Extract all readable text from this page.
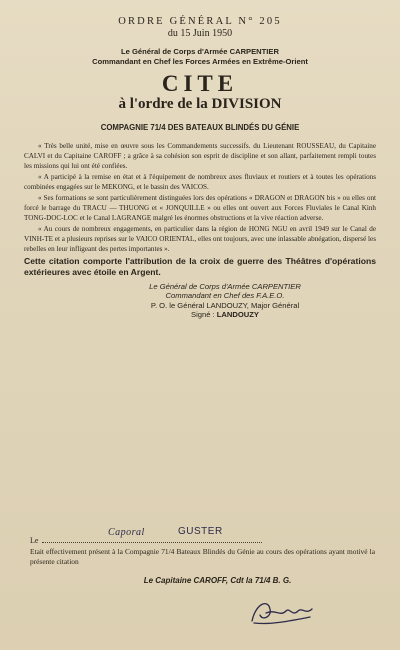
ORDRE GÉNÉRAL N° 205
du 15 Juin 1950
Le Général de Corps d'Armée CARPENTIER
Commandant en Chef les Forces Armées en Extrême-Orient
CITE
à l'ordre de la DIVISION
COMPAGNIE 71/4 DES BATEAUX BLINDÉS DU GÉNIE

« Très belle unité, mise en œuvre sous les Commandements successifs. du Lieutenant ROUSSEAU, du Capitaine CALVI et du Capitaine CAROFF ; a grâce à sa cohésion son esprit de discipline et son allant, parfaitement rempli toutes les missions qui lui ont été confiées.

« A participé à la remise en état et à l'équipement de nombreux axes fluviaux et routiers et à toutes les opérations combinées engagées sur le MEKONG, et le bassin des VAICOS.

« Ses formations se sont particulièrement distinguées lors des opérations « DRAGON et DRAGON bis » ou elles ont forcé le barrage du TRACU — THUONG et « JONQUILLE » ou elles ont ouvert aux Forces Fluviales le Canal Kinh TONG-DOC-LOC et le Canal LAGRANGE malgré les énormes obstructions et la vive réaction adverse.

« Au cours de nombreux engagements, en particulier dans la région de HONG NGU en avril 1949 sur le Canal de VINH-TE et a plusieurs reprises sur le VAICO ORIENTAL, elles ont toujours, avec une inlassable abnégation, dispersé les rebelles en leur infligeant des pertes importantes ».

Cette citation comporte l'attribution de la croix de guerre des Théâtres d'opérations extérieures avec étoile en Argent.
Le Général de Corps d'Armée CARPENTIER
Commandant en Chef des F.A.E.O.
P. O. le Général LANDOUZY, Major Général
Signé : LANDOUZY
Le
Caporal	GUSTER
Etait effectivement présent à la Compagnie 71/4 Bateaux Blindés du Génie au cours des opérations ayant motivé la présente citation
Le Capitaine CAROFF, Cdt la 71/4 B. G.
